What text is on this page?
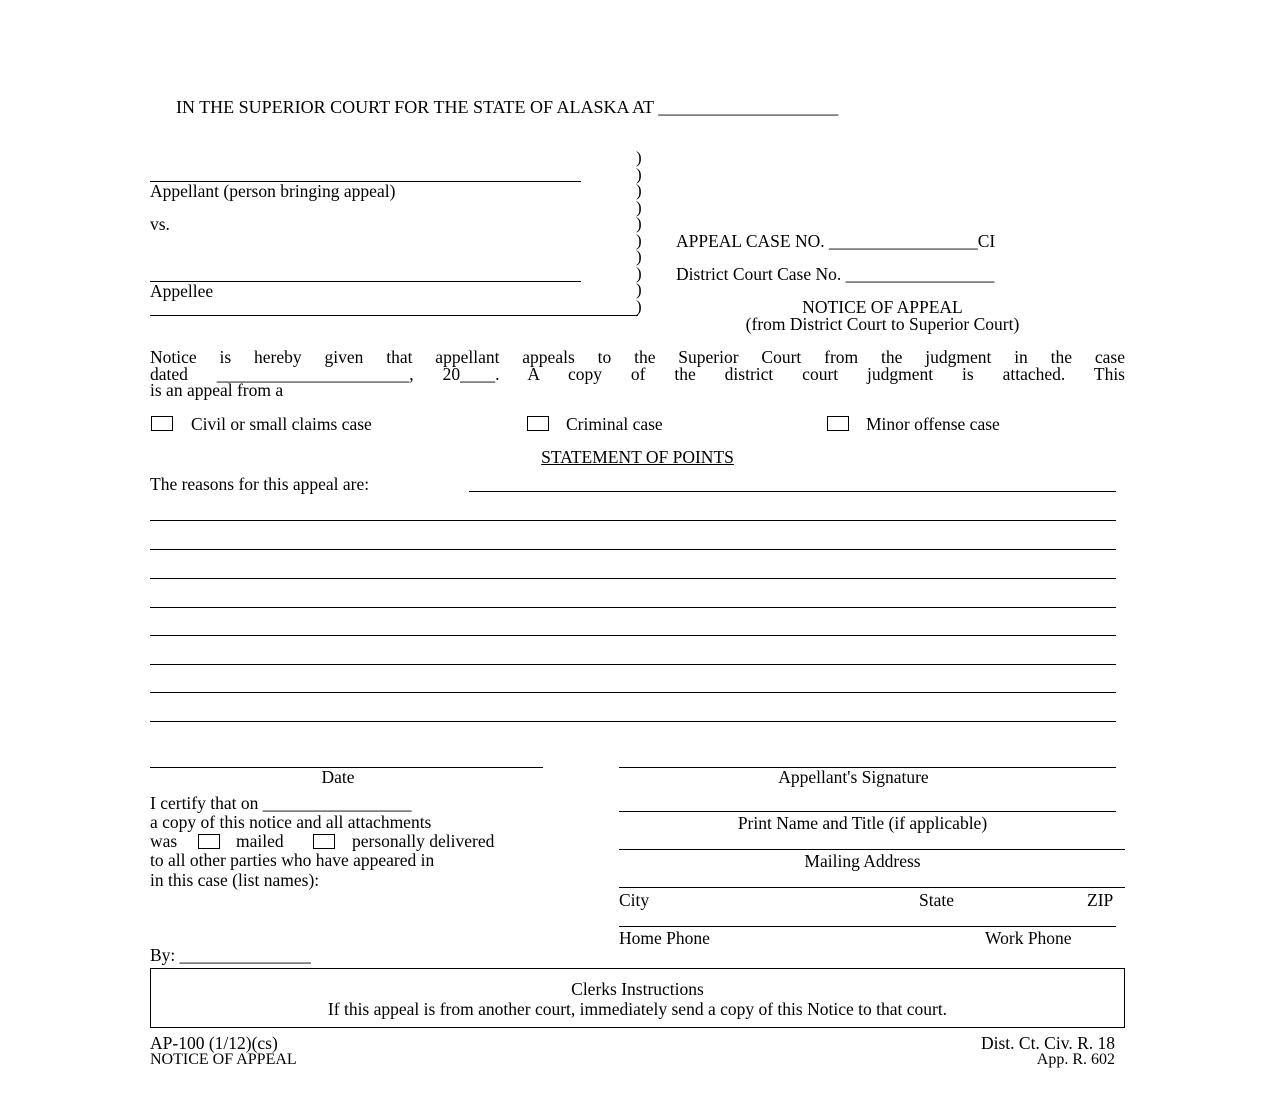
IN THE SUPERIOR COURT FOR THE STATE OF ALASKA AT ____________________
Appellant (person bringing appeal)
vs.
Appellee
)
)
)
)
)
)
)
)
)
)
APPEAL CASE NO. _________________CI
District Court Case No. _________________
NOTICE OF APPEAL
(from District Court to Superior Court)
Notice is hereby given that appellant appeals to the Superior Court from the judgment in the case
dated ______________________, 20____. A copy of the district court judgment is attached. This
is an appeal from a
Civil or small claims case	Criminal case	Minor offense case
STATEMENT OF POINTS
The reasons for this appeal are:
Date	Appellant's Signature
I certify that on _________________
a copy of this notice and all attachments
was	mailed	personally delivered
to all other parties who have appeared in
in this case (list names):
By: _______________
Print Name and Title (if applicable)
Mailing Address
City	State	ZIP
Home Phone	Work Phone
Clerks Instructions
If this appeal is from another court, immediately send a copy of this Notice to that court.
AP-100 (1/12)(cs)
NOTICE OF APPEAL
Dist. Ct. Civ. R. 18
App. R. 602
